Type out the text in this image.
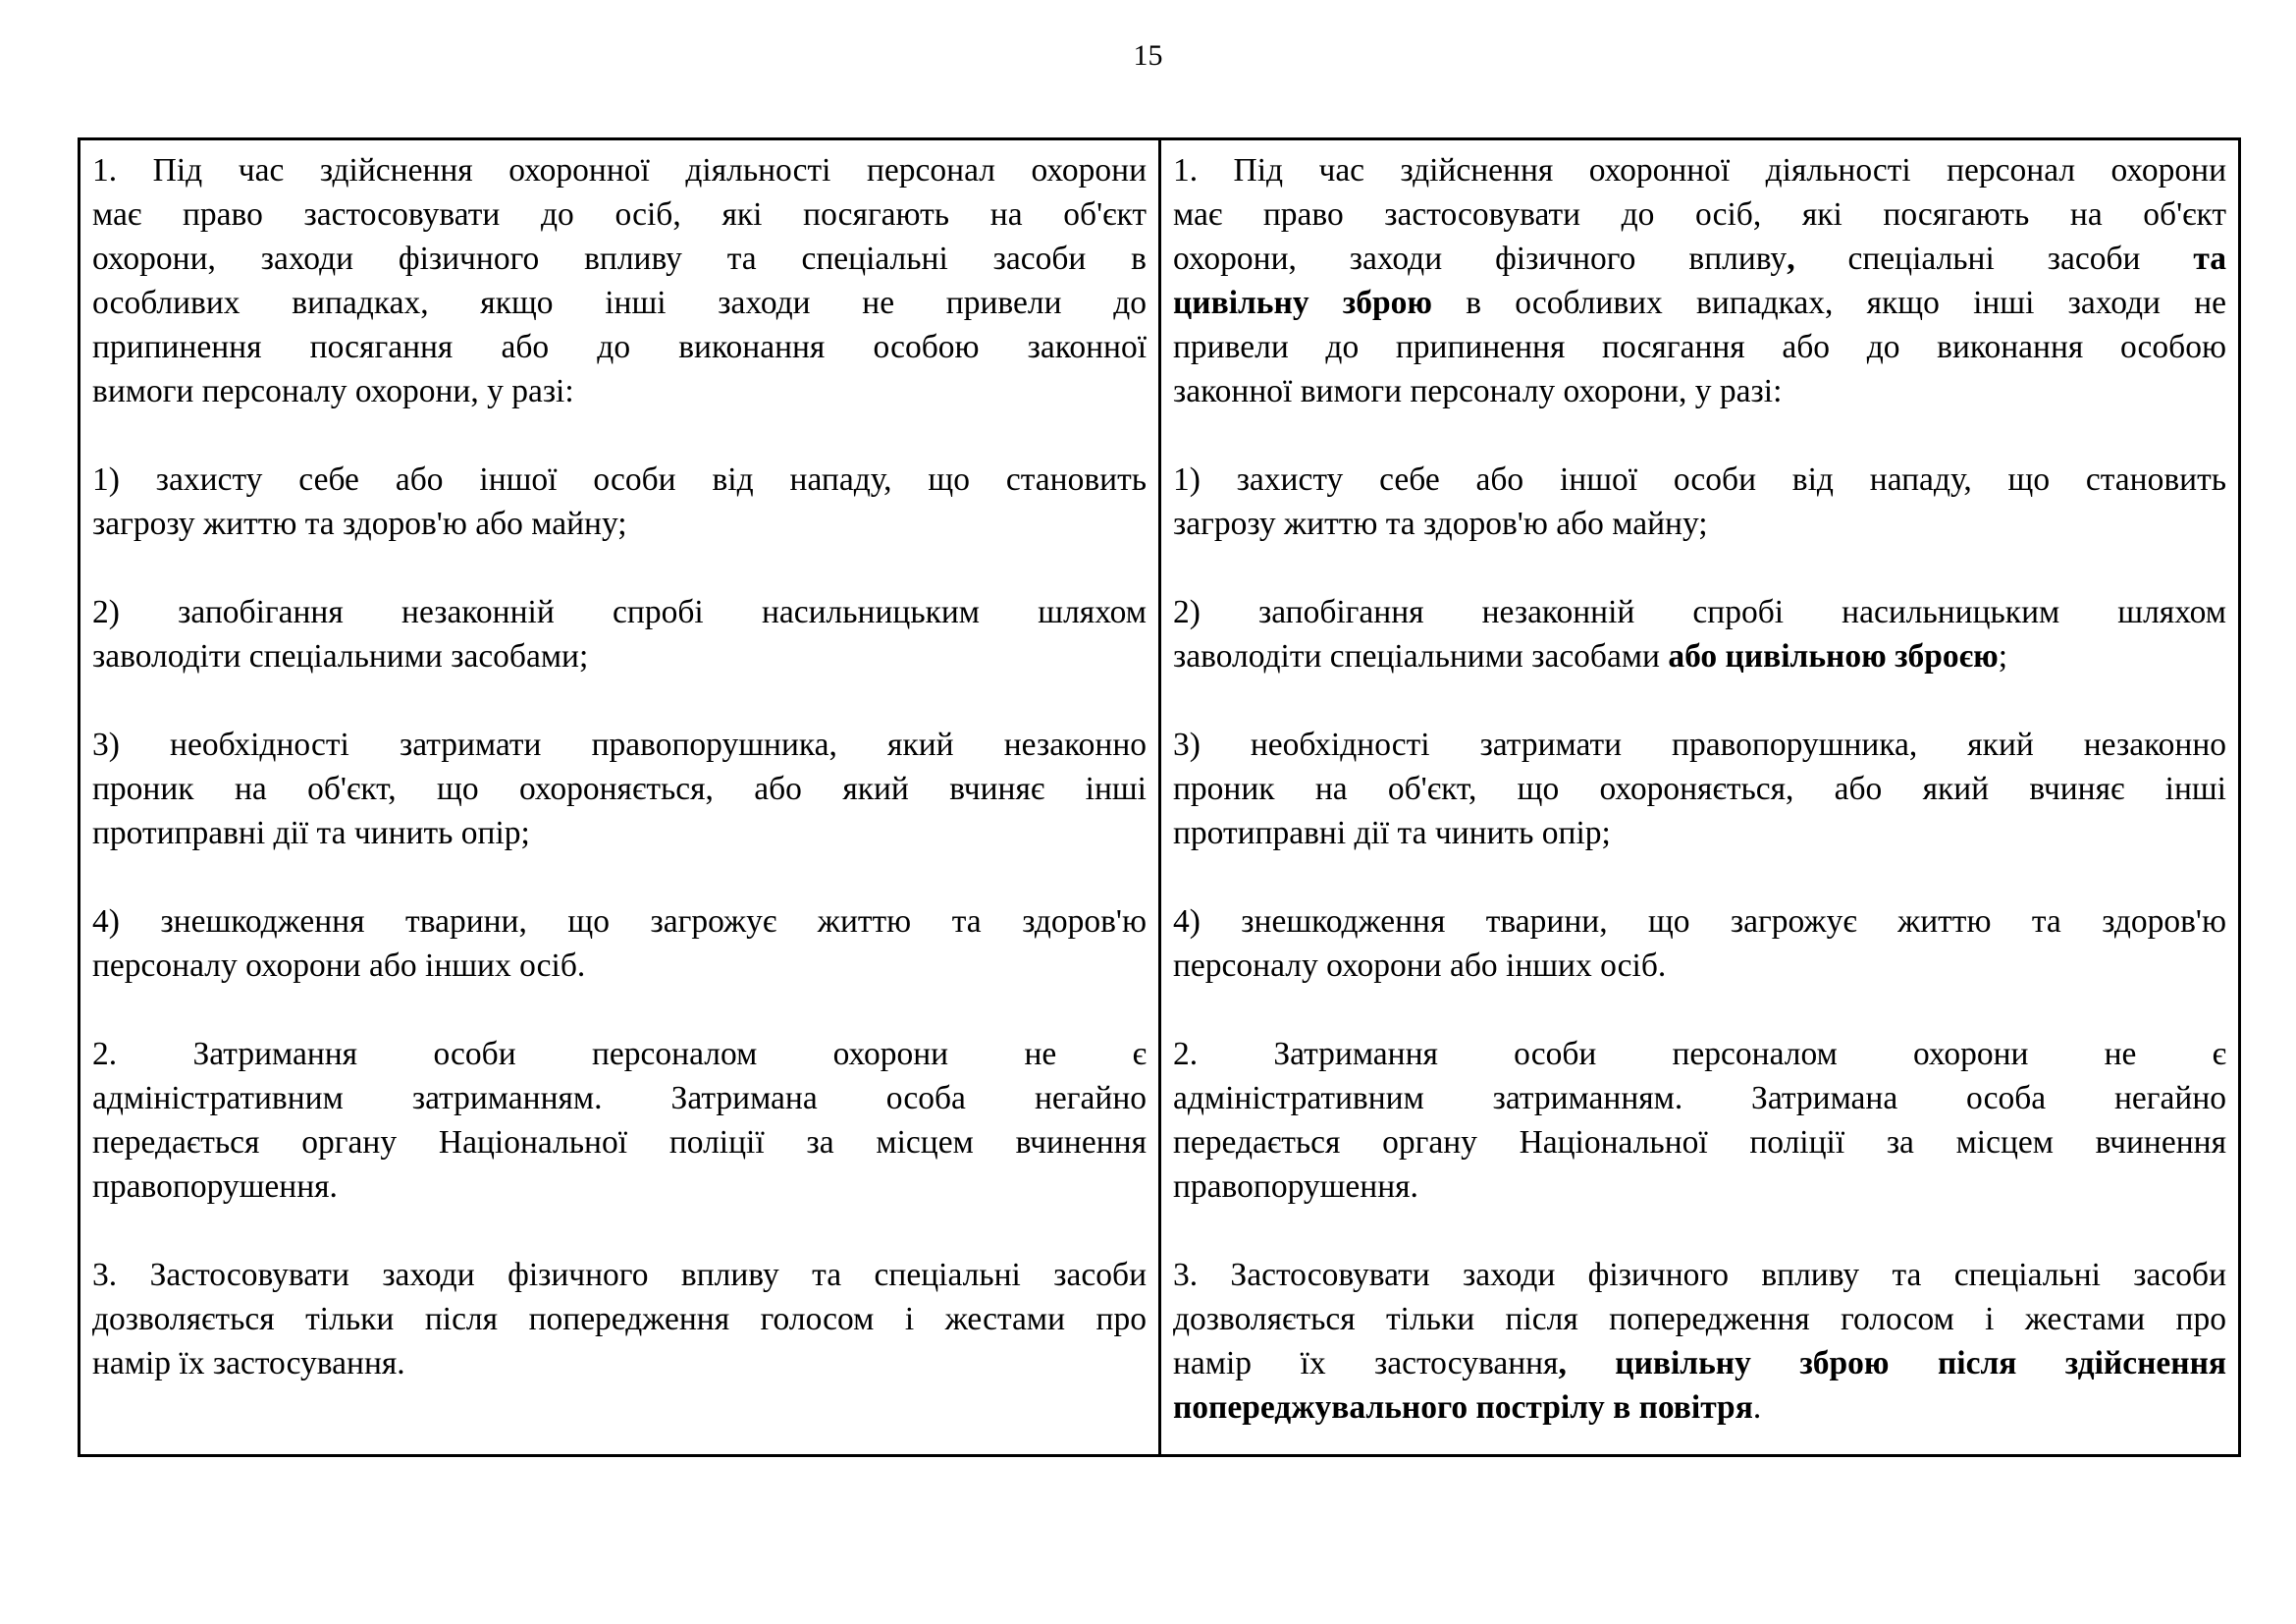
15
1. Під час здійснення охоронної діяльності персонал охорони
має право застосовувати до осіб, які посягають на об'єкт
охорони, заходи фізичного впливу та спеціальні засоби в
особливих випадках, якщо інші заходи не привели до
припинення посягання або до виконання особою законної
вимоги персоналу охорони, у разі:
1) захисту себе або іншої особи від нападу, що становить
загрозу життю та здоров'ю або майну;
2) запобігання незаконній спробі насильницьким шляхом
заволодіти спеціальними засобами;
3) необхідності затримати правопорушника, який незаконно
проник на об'єкт, що охороняється, або який вчиняє інші
протиправні дії та чинить опір;
4) знешкодження тварини, що загрожує життю та здоров'ю
персоналу охорони або інших осіб.
2. Затримання особи персоналом охорони не є
адміністративним затриманням. Затримана особа негайно
передається органу Національної поліції за місцем вчинення
правопорушення.
3. Застосовувати заходи фізичного впливу та спеціальні засоби
дозволяється тільки після попередження голосом і жестами про
намір їх застосування.
1. Під час здійснення охоронної діяльності персонал охорони
має право застосовувати до осіб, які посягають на об'єкт
охорони, заходи фізичного впливу, спеціальні засоби та
цивільну зброю в особливих випадках, якщо інші заходи не
привели до припинення посягання або до виконання особою
законної вимоги персоналу охорони, у разі:
1) захисту себе або іншої особи від нападу, що становить
загрозу життю та здоров'ю або майну;
2) запобігання незаконній спробі насильницьким шляхом
заволодіти спеціальними засобами або цивільною зброєю;
3) необхідності затримати правопорушника, який незаконно
проник на об'єкт, що охороняється, або який вчиняє інші
протиправні дії та чинить опір;
4) знешкодження тварини, що загрожує життю та здоров'ю
персоналу охорони або інших осіб.
2. Затримання особи персоналом охорони не є
адміністративним затриманням. Затримана особа негайно
передається органу Національної поліції за місцем вчинення
правопорушення.
3. Застосовувати заходи фізичного впливу та спеціальні засоби
дозволяється тільки після попередження голосом і жестами про
намір їх застосування, цивільну зброю після здійснення
попереджувального пострілу в повітря.
